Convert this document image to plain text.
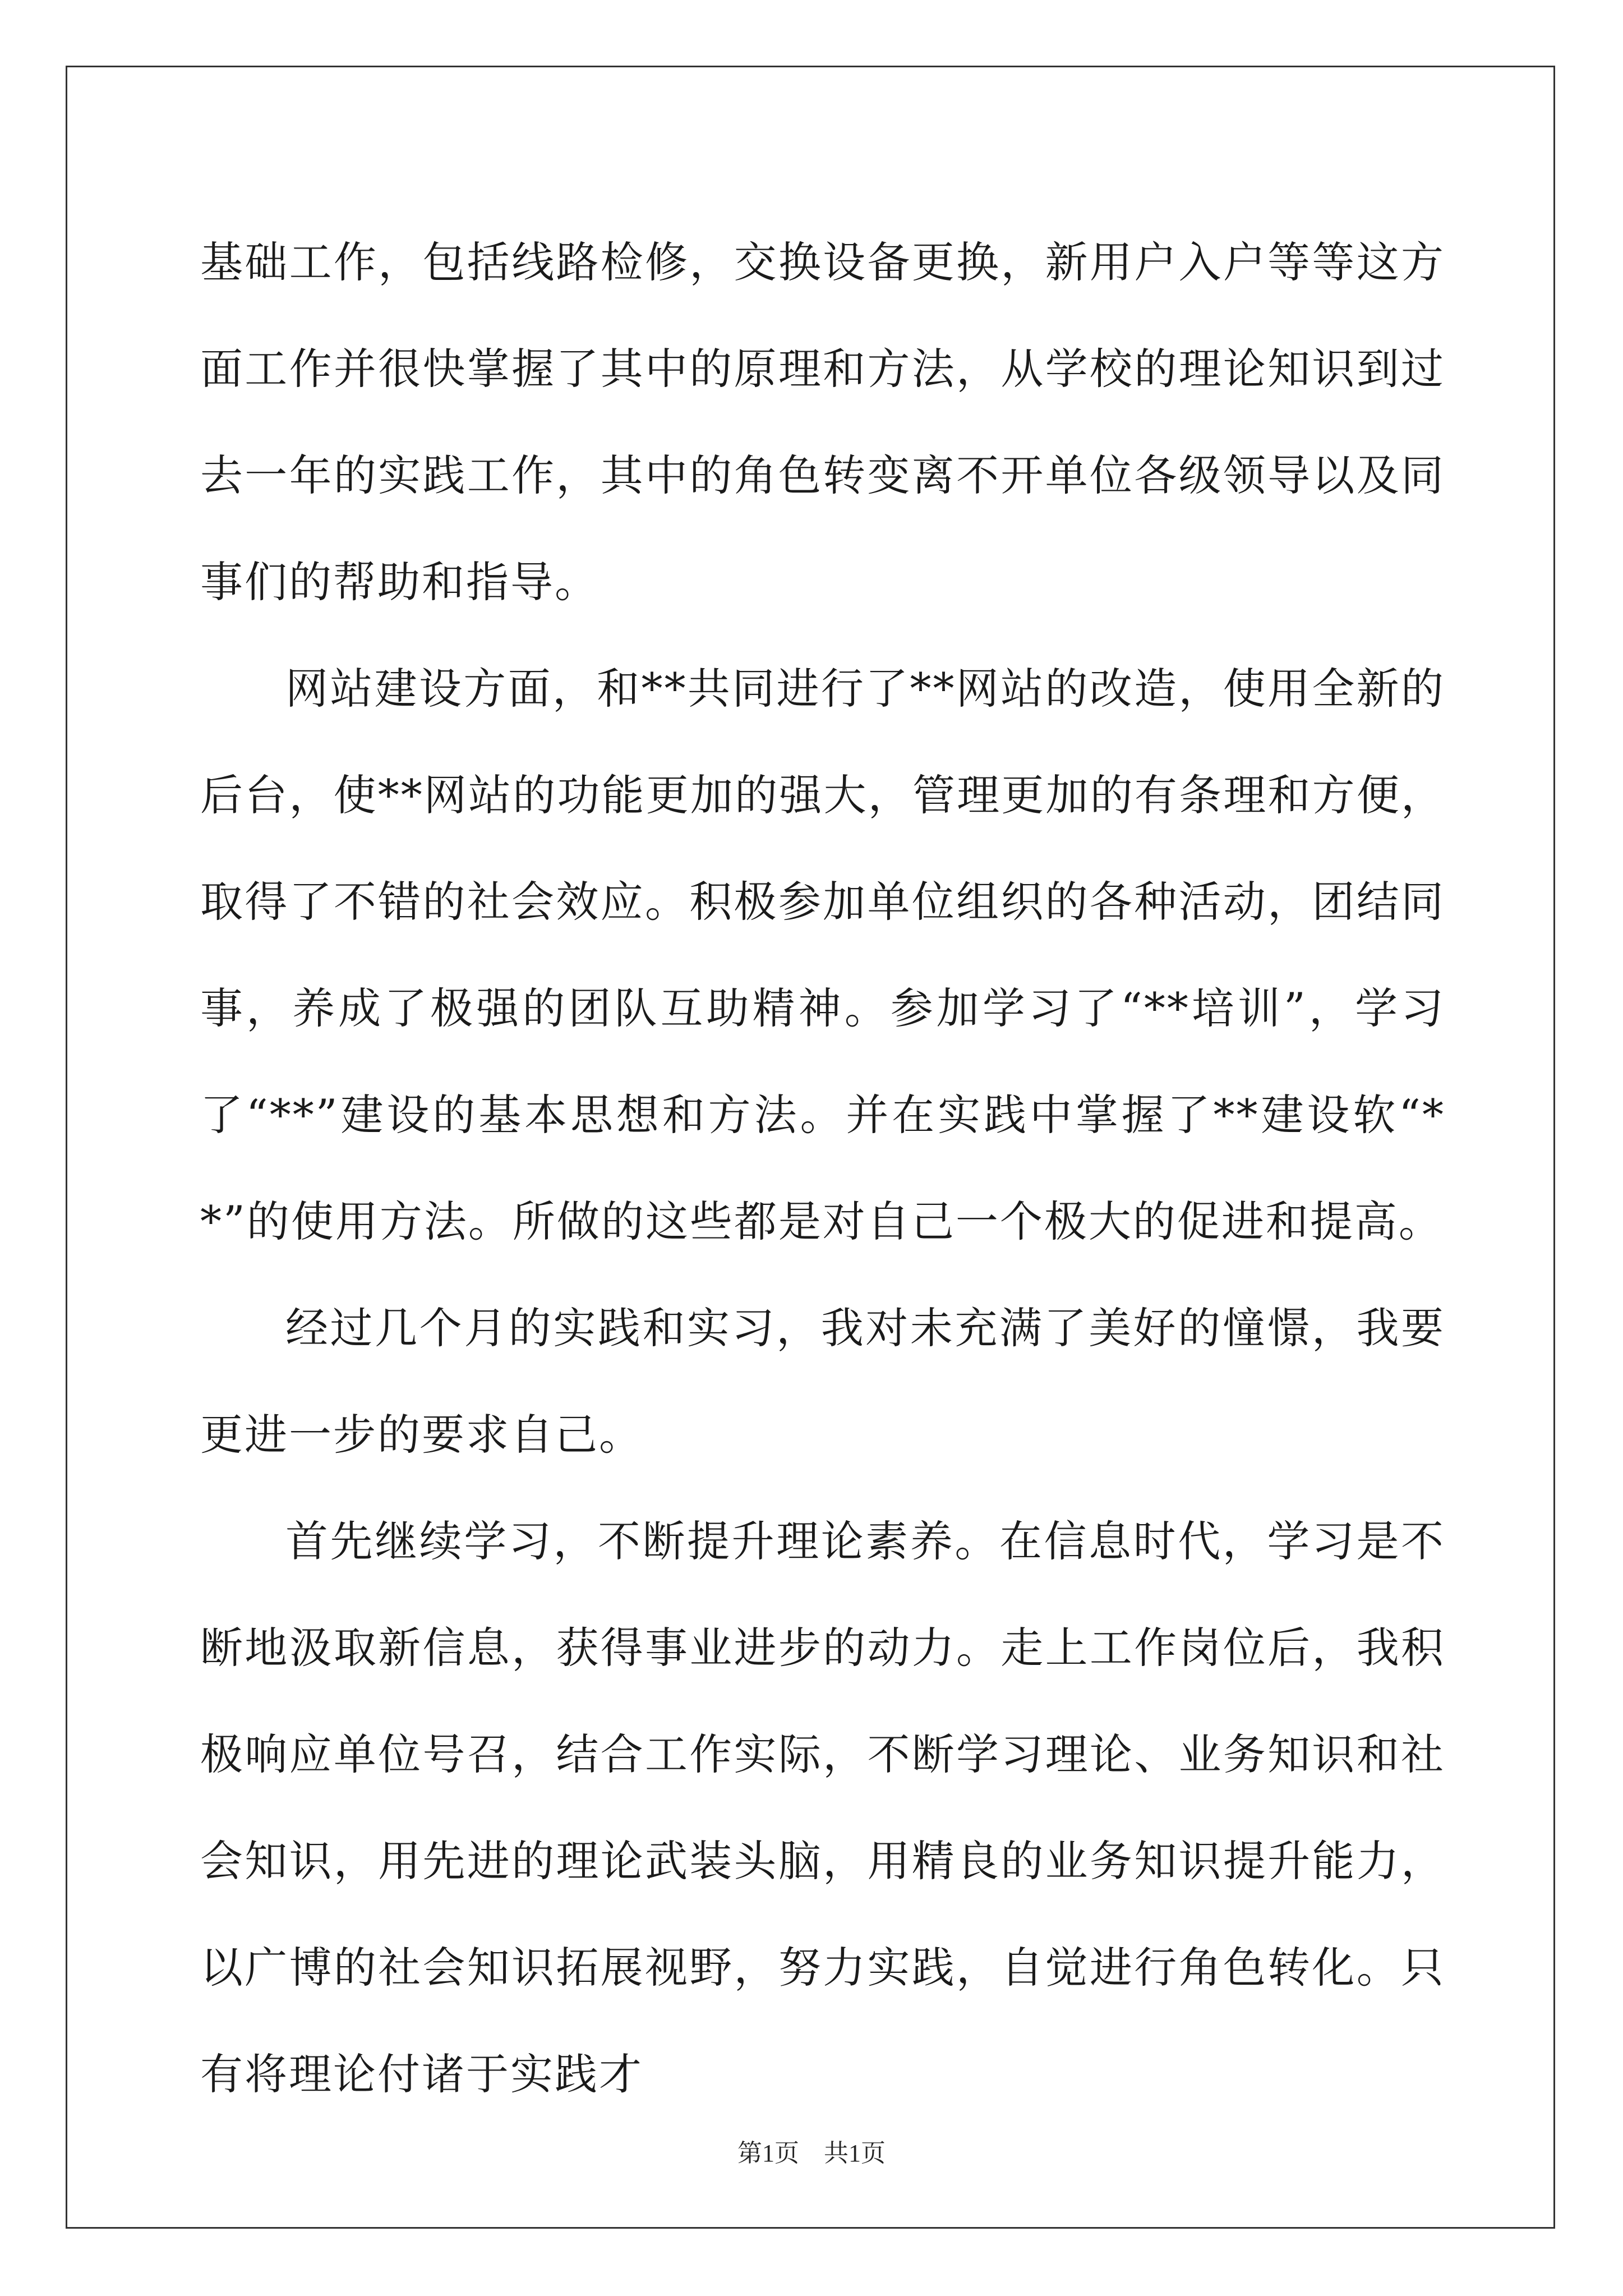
基础工作，包括线路检修，交换设备更换，新用户入户等等这方面工作并很快掌握了其中的原理和方法，从学校的理论知识到过去一年的实践工作，其中的角色转变离不开单位各级领导以及同事们的帮助和指导。

网站建设方面，和**共同进行了**网站的改造，使用全新的后台，使**网站的功能更加的强大，管理更加的有条理和方便，取得了不错的社会效应。积极参加单位组织的各种活动，团结同事，养成了极强的团队互助精神。参加学习了“**培训”，学习了“**”建设的基本思想和方法。并在实践中掌握了**建设软“**”的使用方法。所做的这些都是对自己一个极大的促进和提高。

经过几个月的实践和实习，我对未充满了美好的憧憬，我要更进一步的要求自己。

首先继续学习，不断提升理论素养。在信息时代，学习是不断地汲取新信息，获得事业进步的动力。走上工作岗位后，我积极响应单位号召，结合工作实际，不断学习理论、业务知识和社会知识，用先进的理论武装头脑，用精良的业务知识提升能力，以广博的社会知识拓展视野，努力实践，自觉进行角色转化。只有将理论付诸于实践才

第1页　共1页
